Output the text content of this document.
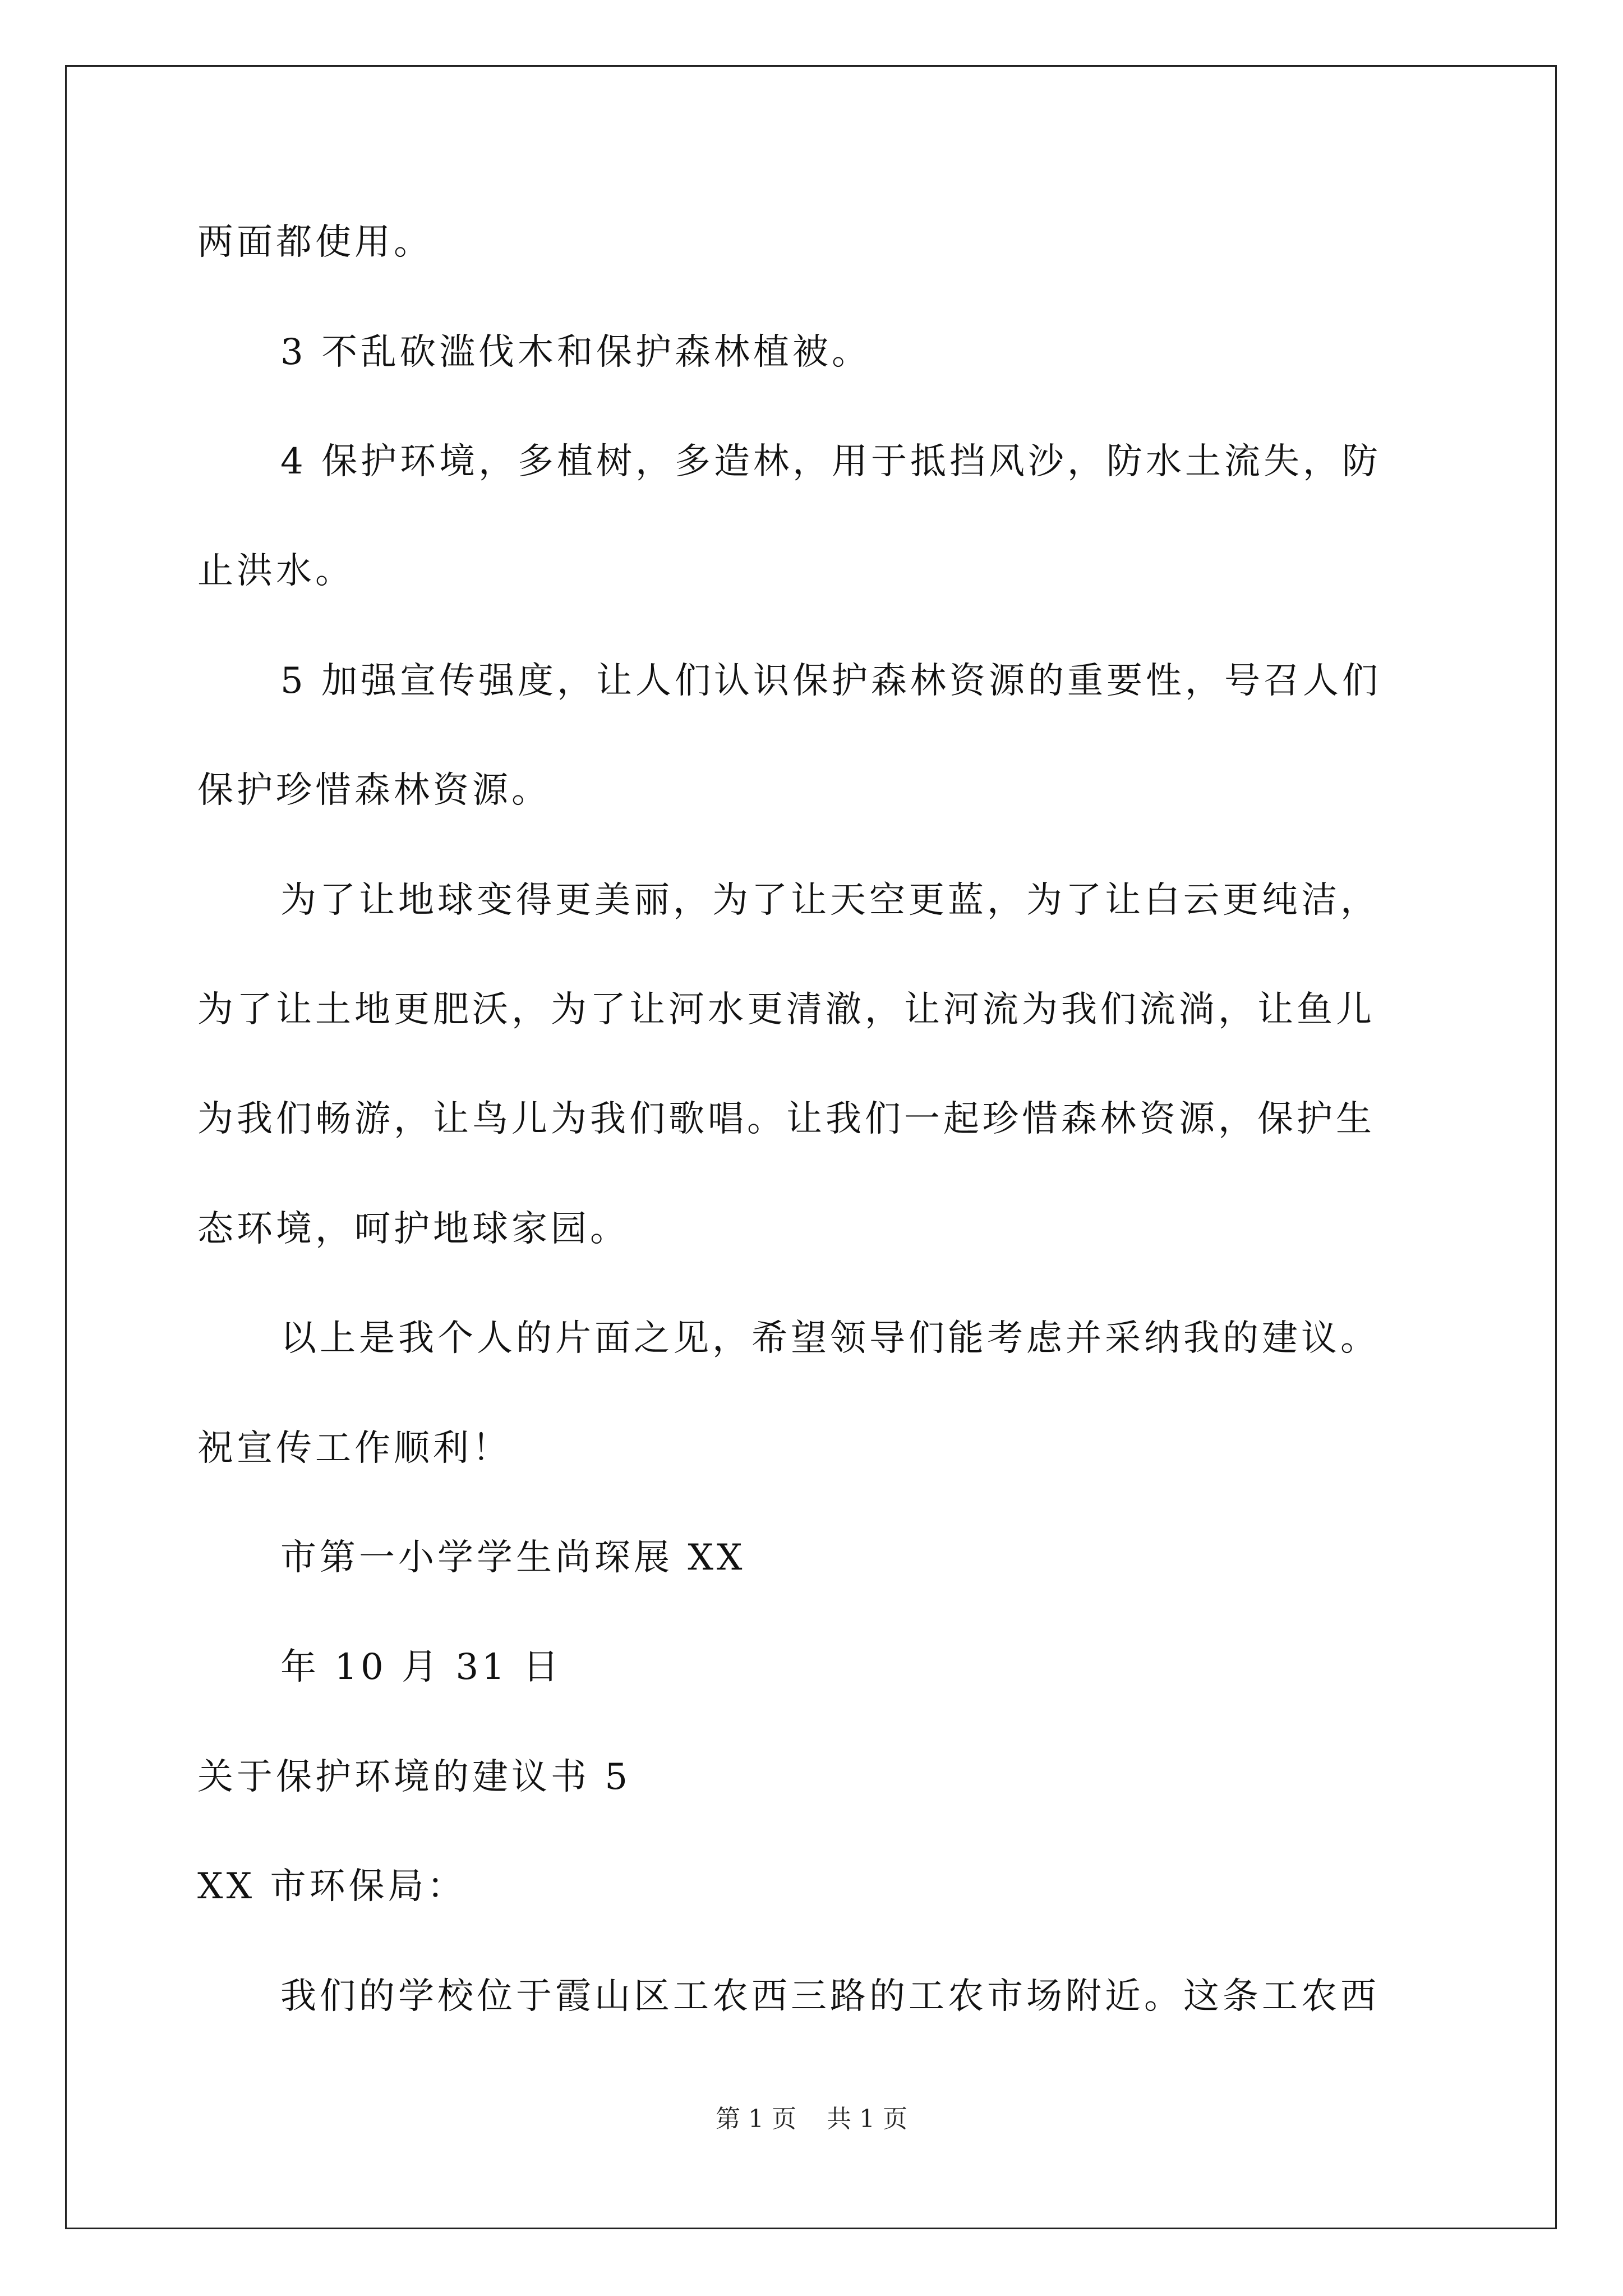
两面都使用。
3 不乱砍滥伐木和保护森林植被。
4 保护环境，多植树，多造林，用于抵挡风沙，防水土流失，防
止洪水。
5 加强宣传强度，让人们认识保护森林资源的重要性，号召人们
保护珍惜森林资源。
为了让地球变得更美丽，为了让天空更蓝，为了让白云更纯洁，
为了让土地更肥沃，为了让河水更清澈，让河流为我们流淌，让鱼儿
为我们畅游，让鸟儿为我们歌唱。让我们一起珍惜森林资源，保护生
态环境，呵护地球家园。
以上是我个人的片面之见，希望领导们能考虑并采纳我的建议。
祝宣传工作顺利！
市第一小学学生尚琛展 XX
年 10 月 31 日
关于保护环境的建议书 5
XX 市环保局：
我们的学校位于霞山区工农西三路的工农市场附近。这条工农西
第 1 页 共 1 页
